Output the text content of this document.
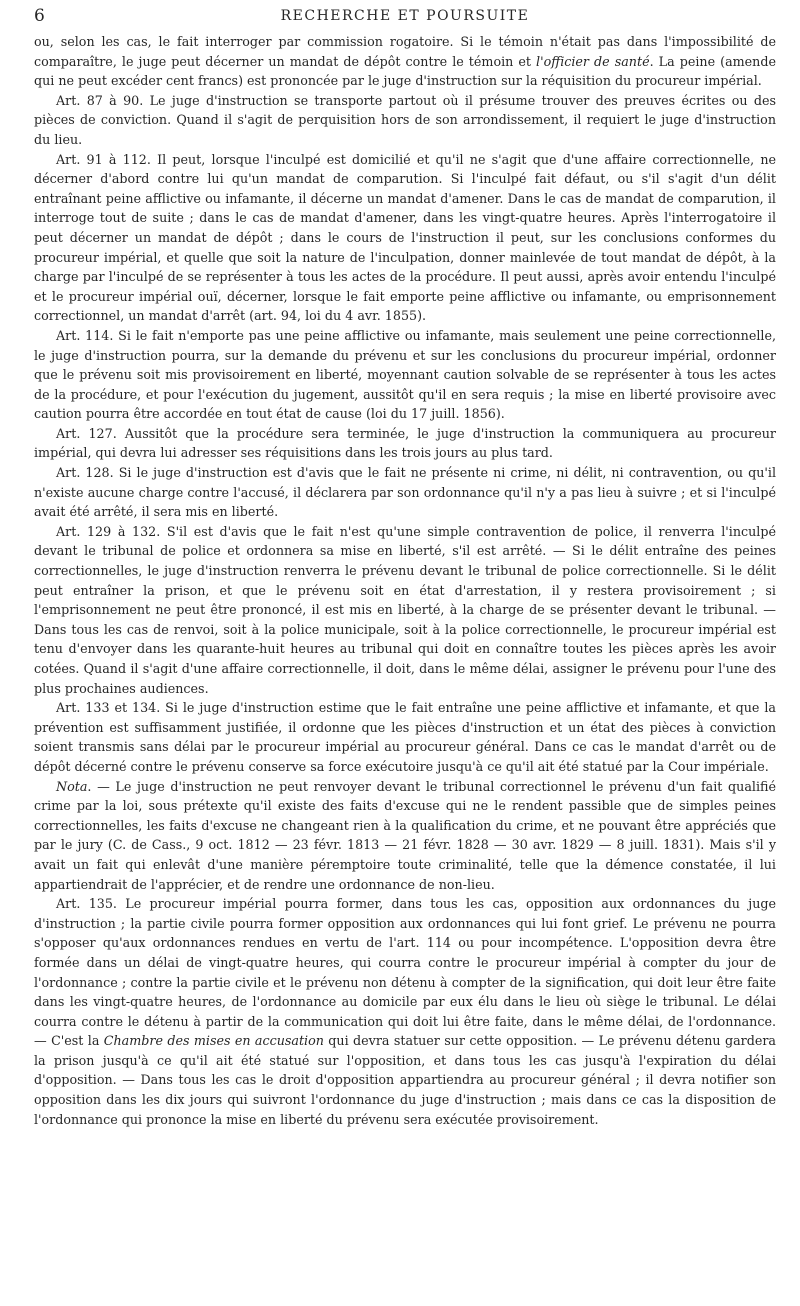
6	RECHERCHE ET POURSUITE

ou, selon les cas, le fait interroger par commission rogatoire. Si le témoin n'était pas dans l'impossibilité de comparaître, le juge peut décerner un mandat de dépôt contre le témoin et l'officier de santé. La peine (amende qui ne peut excéder cent francs) est prononcée par le juge d'instruction sur la réquisition du procureur impérial.

Art. 87 à 90. Le juge d'instruction se transporte partout où il présume trouver des preuves écrites ou des pièces de conviction. Quand il s'agit de perquisition hors de son arrondissement, il requiert le juge d'instruction du lieu.

Art. 91 à 112. Il peut, lorsque l'inculpé est domicilié et qu'il ne s'agit que d'une affaire correctionnelle, ne décerner d'abord contre lui qu'un mandat de comparution. Si l'inculpé fait défaut, ou s'il s'agit d'un délit entraînant peine afflictive ou infamante, il décerne un mandat d'amener. Dans le cas de mandat de comparution, il interroge tout de suite ; dans le cas de mandat d'amener, dans les vingt-quatre heures. Après l'interrogatoire il peut décerner un mandat de dépôt ; dans le cours de l'instruction il peut, sur les conclusions conformes du procureur impérial, et quelle que soit la nature de l'inculpation, donner mainlevée de tout mandat de dépôt, à la charge par l'inculpé de se représenter à tous les actes de la procédure. Il peut aussi, après avoir entendu l'inculpé et le procureur impérial ouï, décerner, lorsque le fait emporte peine afflictive ou infamante, ou emprisonnement correctionnel, un mandat d'arrêt (art. 94, loi du 4 avr. 1855).

Art. 114. Si le fait n'emporte pas une peine afflictive ou infamante, mais seulement une peine correctionnelle, le juge d'instruction pourra, sur la demande du prévenu et sur les conclusions du procureur impérial, ordonner que le prévenu soit mis provisoirement en liberté, moyennant caution solvable de se représenter à tous les actes de la procédure, et pour l'exécution du jugement, aussitôt qu'il en sera requis ; la mise en liberté provisoire avec caution pourra être accordée en tout état de cause (loi du 17 juill. 1856).

Art. 127. Aussitôt que la procédure sera terminée, le juge d'instruction la communiquera au procureur impérial, qui devra lui adresser ses réquisitions dans les trois jours au plus tard.

Art. 128. Si le juge d'instruction est d'avis que le fait ne présente ni crime, ni délit, ni contravention, ou qu'il n'existe aucune charge contre l'accusé, il déclarera par son ordonnance qu'il n'y a pas lieu à suivre ; et si l'inculpé avait été arrêté, il sera mis en liberté.

Art. 129 à 132. S'il est d'avis que le fait n'est qu'une simple contravention de police, il renverra l'inculpé devant le tribunal de police et ordonnera sa mise en liberté, s'il est arrêté. — Si le délit entraîne des peines correctionnelles, le juge d'instruction renverra le prévenu devant le tribunal de police correctionnelle. Si le délit peut entraîner la prison, et que le prévenu soit en état d'arrestation, il y restera provisoirement ; si l'emprisonnement ne peut être prononcé, il est mis en liberté, à la charge de se présenter devant le tribunal. — Dans tous les cas de renvoi, soit à la police municipale, soit à la police correctionnelle, le procureur impérial est tenu d'envoyer dans les quarante-huit heures au tribunal qui doit en connaître toutes les pièces après les avoir cotées. Quand il s'agit d'une affaire correctionnelle, il doit, dans le même délai, assigner le prévenu pour l'une des plus prochaines audiences.

Art. 133 et 134. Si le juge d'instruction estime que le fait entraîne une peine afflictive et infamante, et que la prévention est suffisamment justifiée, il ordonne que les pièces d'instruction et un état des pièces à conviction soient transmis sans délai par le procureur impérial au procureur général. Dans ce cas le mandat d'arrêt ou de dépôt décerné contre le prévenu conserve sa force exécutoire jusqu'à ce qu'il ait été statué par la Cour impériale.

Nota. — Le juge d'instruction ne peut renvoyer devant le tribunal correctionnel le prévenu d'un fait qualifié crime par la loi, sous prétexte qu'il existe des faits d'excuse qui ne le rendent passible que de simples peines correctionnelles, les faits d'excuse ne changeant rien à la qualification du crime, et ne pouvant être appréciés que par le jury (C. de Cass., 9 oct. 1812 — 23 févr. 1813 — 21 févr. 1828 — 30 avr. 1829 — 8 juill. 1831). Mais s'il y avait un fait qui enlevât d'une manière péremptoire toute criminalité, telle que la démence constatée, il lui appartiendrait de l'apprécier, et de rendre une ordonnance de non-lieu.

Art. 135. Le procureur impérial pourra former, dans tous les cas, opposition aux ordonnances du juge d'instruction ; la partie civile pourra former opposition aux ordonnances qui lui font grief. Le prévenu ne pourra s'opposer qu'aux ordonnances rendues en vertu de l'art. 114 ou pour incompétence. L'opposition devra être formée dans un délai de vingt-quatre heures, qui courra contre le procureur impérial à compter du jour de l'ordonnance ; contre la partie civile et le prévenu non détenu à compter de la signification, qui doit leur être faite dans les vingt-quatre heures, de l'ordonnance au domicile par eux élu dans le lieu où siège le tribunal. Le délai courra contre le détenu à partir de la communication qui doit lui être faite, dans le même délai, de l'ordonnance. — C'est la Chambre des mises en accusation qui devra statuer sur cette opposition. — Le prévenu détenu gardera la prison jusqu'à ce qu'il ait été statué sur l'opposition, et dans tous les cas jusqu'à l'expiration du délai d'opposition. — Dans tous les cas le droit d'opposition appartiendra au procureur général ; il devra notifier son opposition dans les dix jours qui suivront l'ordonnance du juge d'instruction ; mais dans ce cas la disposition de l'ordonnance qui prononce la mise en liberté du prévenu sera exécutée provisoirement.
